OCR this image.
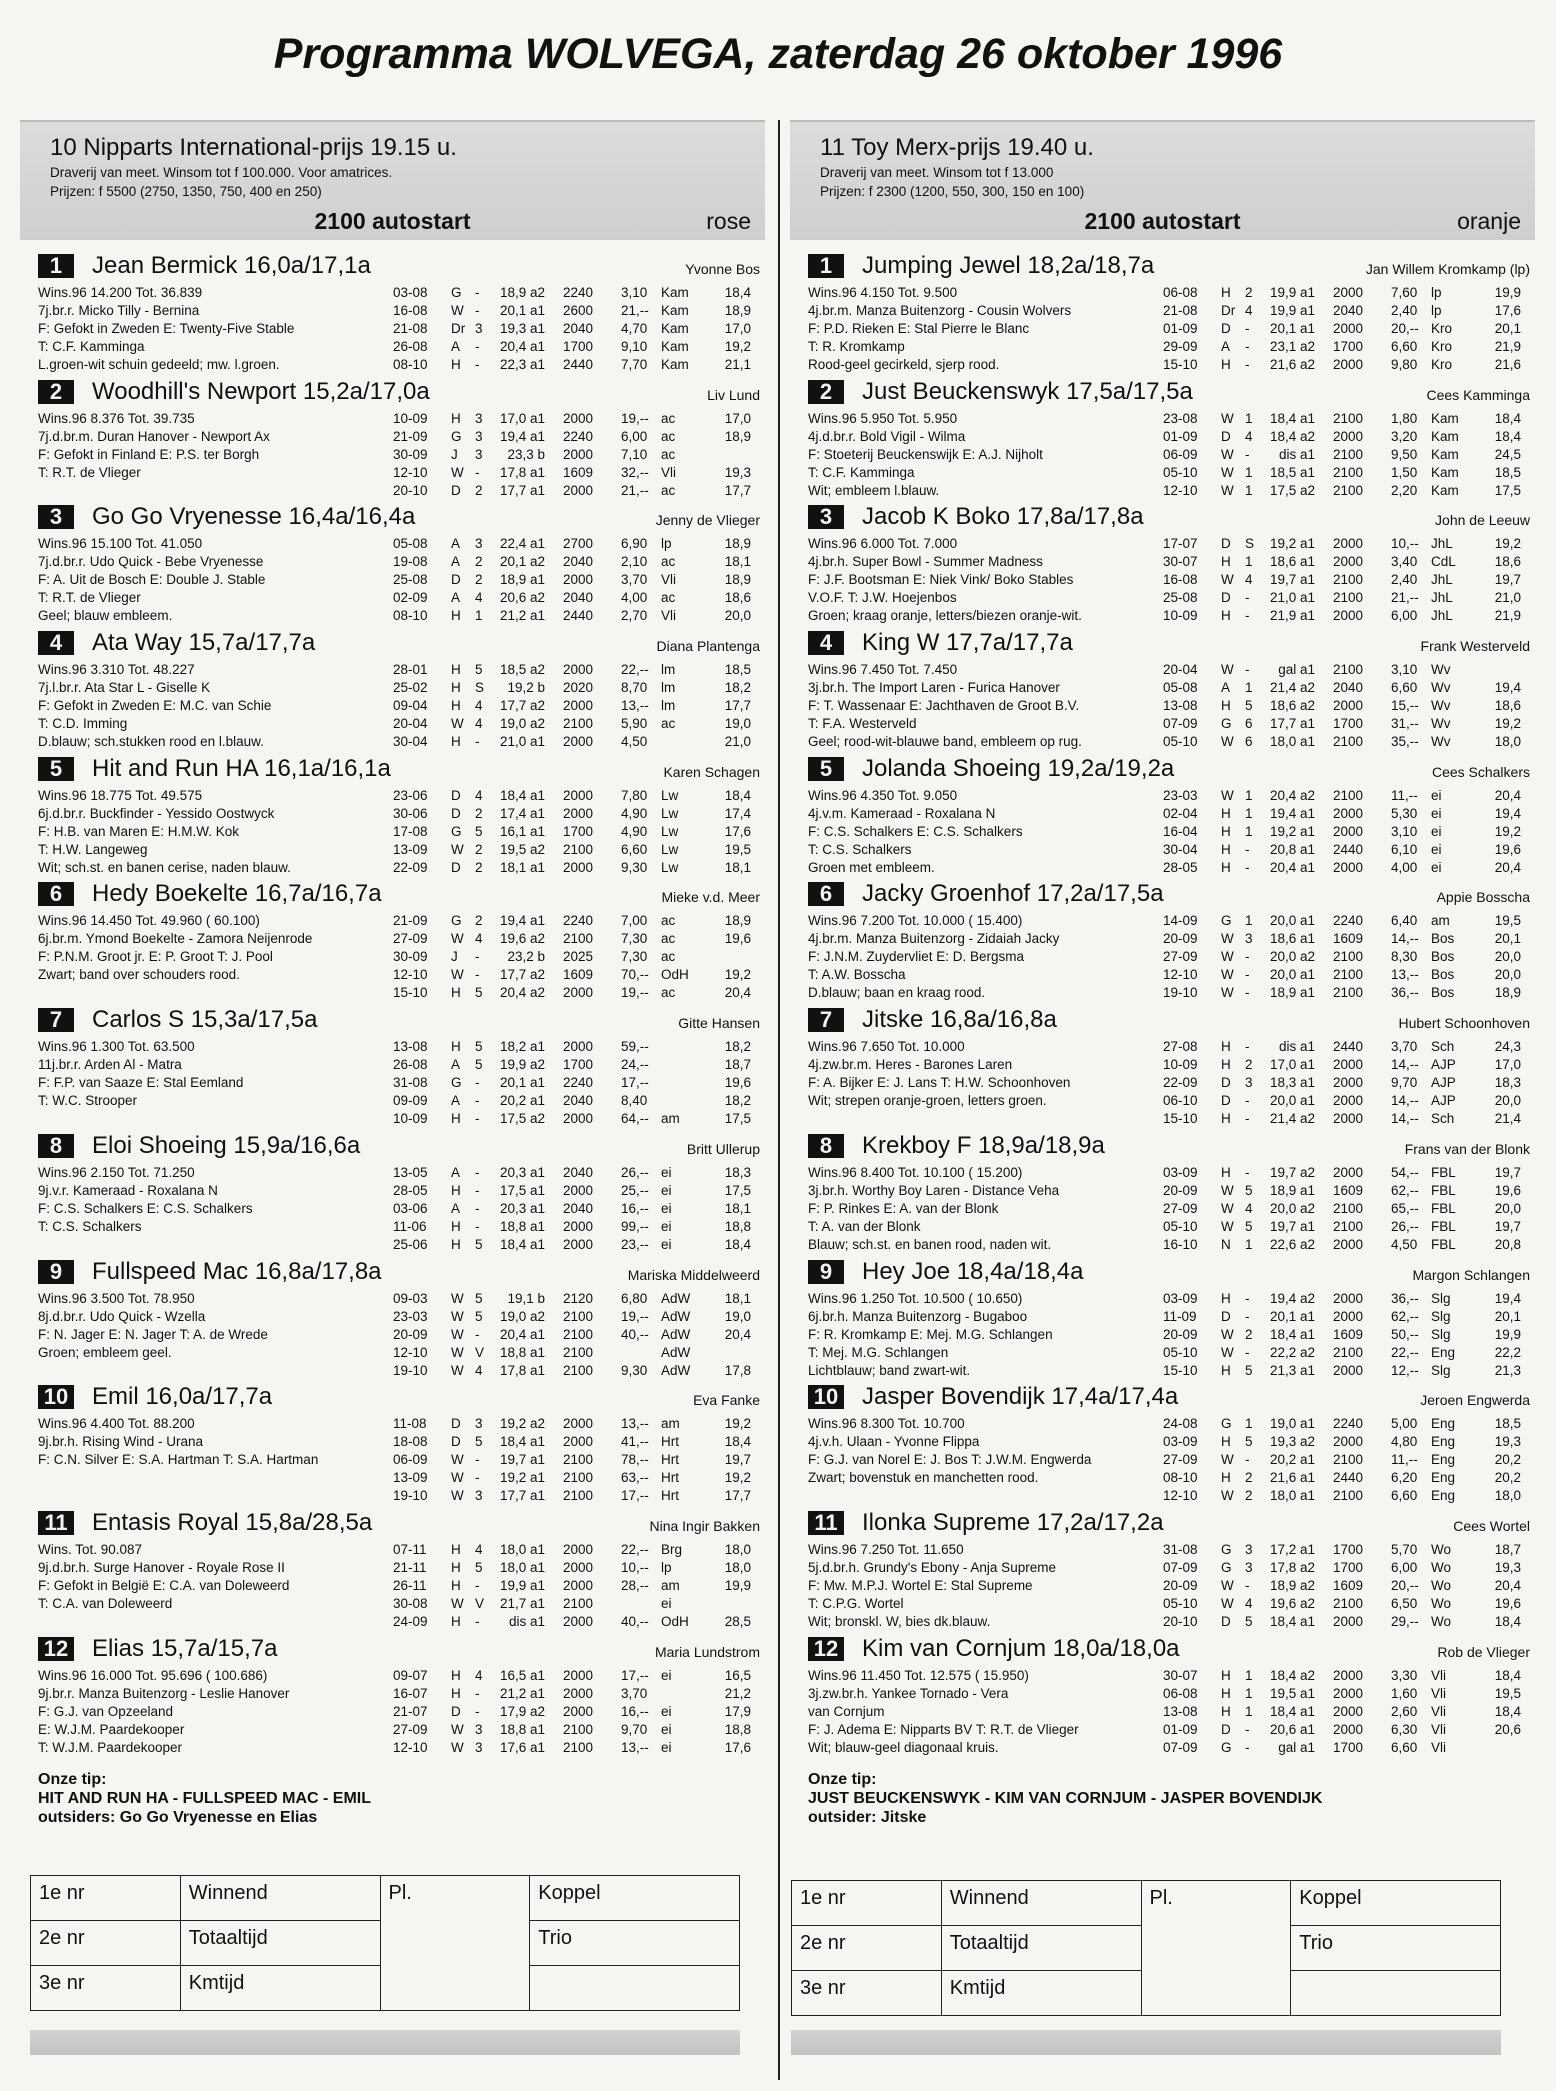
Programma WOLVEGA, zaterdag 26 oktober 1996
10 Nipparts International-prijs 19.15 u.
Draverij van meet. Winsom tot f 100.000. Voor amatrices.
Prijzen: f 5500 (2750, 1350, 750, 400 en 250)
2100 autostart	rose
1	Jean Bermick 16,0a/17,1a	Yvonne Bos
Wins.96 14.200 Tot. 36.839
7j.br.r. Micko Tilly - Bernina
F: Gefokt in Zweden E: Twenty-Five Stable
T: C.F. Kamminga
L.groen-wit schuin gedeeld; mw. l.groen.
03-08 G -	18,9 a2 2240 3,10 Kam	18,4
16-08 W -	20,1 a1 2600 21,-- Kam	18,9
21-08 Dr 3	19,3 a1 2040 4,70 Kam	17,0
26-08 A -	20,4 a1 1700 9,10 Kam	19,2
08-10 H -	22,3 a1 2440 7,70 Kam	21,1
2	Woodhill's Newport 15,2a/17,0a	Liv Lund
Wins.96 8.376 Tot. 39.735
7j.d.br.m. Duran Hanover - Newport Ax
F: Gefokt in Finland E: P.S. ter Borgh
T: R.T. de Vlieger
10-09 H 3	17,0 a1 2000 19,-- ac	17,0
21-09 G 3	19,4 a1 2240 6,00 ac	18,9
30-09 J 3	23,3 b 2000 7,10 ac
12-10 W -	17,8 a1 1609 32,-- Vli	19,3
20-10 D 2	17,7 a1 2000 21,-- ac	17,7
3	Go Go Vryenesse 16,4a/16,4a	Jenny de Vlieger
Wins.96 15.100 Tot. 41.050
7j.d.br.r. Udo Quick - Bebe Vryenesse
F: A. Uit de Bosch E: Double J. Stable
T: R.T. de Vlieger
Geel; blauw embleem.
05-08 A 3	22,4 a1 2700 6,90 lp	18,9
19-08 A 2	20,1 a2 2040 2,10 ac	18,1
25-08 D 2	18,9 a1 2000 3,70 Vli	18,9
02-09 A 4	20,6 a2 2040 4,00 ac	18,6
08-10 H 1	21,2 a1 2440 2,70 Vli	20,0
4	Ata Way 15,7a/17,7a	Diana Plantenga
Wins.96 3.310 Tot. 48.227
7j.l.br.r. Ata Star L - Giselle K
F: Gefokt in Zweden E: M.C. van Schie
T: C.D. Imming
D.blauw; sch.stukken rood en l.blauw.
28-01 H 5	18,5 a2 2000 22,-- lm	18,5
25-02 H S	19,2 b 2020 8,70 lm	18,2
09-04 H 4	17,7 a2 2000 13,-- lm	17,7
20-04 W 4	19,0 a2 2100 5,90 ac	19,0
30-04 H -	21,0 a1 2000 4,50	21,0
5	Hit and Run HA 16,1a/16,1a	Karen Schagen
Wins.96 18.775 Tot. 49.575
6j.d.br.r. Buckfinder - Yessido Oostwyck
F: H.B. van Maren E: H.M.W. Kok
T: H.W. Langeweg
Wit; sch.st. en banen cerise, naden blauw.
23-06 D 4	18,4 a1 2000 7,80 Lw	18,4
30-06 D 2	17,4 a1 2000 4,90 Lw	17,4
17-08 G 5	16,1 a1 1700 4,90 Lw	17,6
13-09 W 2	19,5 a2 2100 6,60 Lw	19,5
22-09 D 2	18,1 a1 2000 9,30 Lw	18,1
6	Hedy Boekelte 16,7a/16,7a	Mieke v.d. Meer
Wins.96 14.450 Tot. 49.960 ( 60.100)
6j.br.m. Ymond Boekelte - Zamora Neijenrode
F: P.N.M. Groot jr. E: P. Groot T: J. Pool
Zwart; band over schouders rood.
21-09 G 2	19,4 a1 2240 7,00 ac	18,9
27-09 W 4	19,6 a2 2100 7,30 ac	19,6
30-09 J -	23,2 b 2025 7,30 ac
12-10 W -	17,7 a2 1609 70,-- OdH	19,2
15-10 H 5	20,4 a2 2000 19,-- ac	20,4
7	Carlos S 15,3a/17,5a	Gitte Hansen
Wins.96 1.300 Tot. 63.500
11j.br.r. Arden Al - Matra
F: F.P. van Saaze E: Stal Eemland
T: W.C. Strooper
13-08 H 5	18,2 a1 2000 59,--	18,2
26-08 A 5	19,9 a2 1700 24,--	18,7
31-08 G -	20,1 a1 2240 17,--	19,6
09-09 A -	20,2 a1 2040 8,40	18,2
10-09 H -	17,5 a2 2000 64,-- am	17,5
8	Eloi Shoeing 15,9a/16,6a	Britt Ullerup
Wins.96 2.150 Tot. 71.250
9j.v.r. Kameraad - Roxalana N
F: C.S. Schalkers E: C.S. Schalkers
T: C.S. Schalkers
13-05 A -	20,3 a1 2040 26,-- ei	18,3
28-05 H -	17,5 a1 2000 25,-- ei	17,5
03-06 A -	20,3 a1 2040 16,-- ei	18,1
11-06 H -	18,8 a1 2000 99,-- ei	18,8
25-06 H 5	18,4 a1 2000 23,-- ei	18,4
9	Fullspeed Mac 16,8a/17,8a	Mariska Middelweerd
Wins.96 3.500 Tot. 78.950
8j.d.br.r. Udo Quick - Wzella
F: N. Jager E: N. Jager T: A. de Wrede
Groen; embleem geel.
09-03 W 5	19,1 b 2120 6,80 AdW	18,1
23-03 W 5	19,0 a2 2100 19,-- AdW	19,0
20-09 W -	20,4 a1 2100 40,-- AdW	20,4
12-10 W V	18,8 a1 2100	AdW
19-10 W 4	17,8 a1 2100 9,30 AdW	17,8
10 Emil 16,0a/17,7a	Eva Fanke
Wins.96 4.400 Tot. 88.200
9j.br.h. Rising Wind - Urana
F: C.N. Silver E: S.A. Hartman T: S.A. Hartman
11-08 D 3	19,2 a2 2000 13,-- am	19,2
18-08 D 5	18,4 a1 2000 41,-- Hrt	18,4
06-09 W -	19,7 a1 2100 78,-- Hrt	19,7
13-09 W -	19,2 a1 2100 63,-- Hrt	19,2
19-10 W 3	17,7 a1 2100 17,-- Hrt	17,7
11 Entasis Royal 15,8a/28,5a	Nina Ingir Bakken
Wins. Tot. 90.087
9j.d.br.h. Surge Hanover - Royale Rose II
F: Gefokt in België E: C.A. van Doleweerd
T: C.A. van Doleweerd
07-11 H 4	18,0 a1 2000 22,-- Brg	18,0
21-11 H 5	18,0 a1 2000 10,-- lp	18,0
26-11 H -	19,9 a1 2000 28,-- am	19,9
30-08 W V	21,7 a1 2100	ei
24-09 H -	dis a1 2000 40,-- OdH	28,5
12 Elias 15,7a/15,7a	Maria Lundstrom
Wins.96 16.000 Tot. 95.696 ( 100.686)
9j.br.r. Manza Buitenzorg - Leslie Hanover
F: G.J. van Opzeeland
E: W.J.M. Paardekooper
T: W.J.M. Paardekooper
09-07 H 4	16,5 a1 2000 17,-- ei	16,5
16-07 H -	21,2 a1 2000 3,70	21,2
21-07 D -	17,9 a2 2000 16,-- ei	17,9
27-09 W 3	18,8 a1 2100 9,70 ei	18,8
12-10 W 3	17,6 a1 2100 13,-- ei	17,6
Onze tip:
HIT AND RUN HA - FULLSPEED MAC - EMIL
outsiders: Go Go Vryenesse en Elias
11 Toy Merx-prijs 19.40 u.
Draverij van meet. Winsom tot f 13.000
Prijzen: f 2300 (1200, 550, 300, 150 en 100)
2100 autostart	oranje
1	Jumping Jewel 18,2a/18,7a	Jan Willem Kromkamp (lp)
Wins.96 4.150 Tot. 9.500
4j.br.m. Manza Buitenzorg - Cousin Wolvers
F: P.D. Rieken E: Stal Pierre le Blanc
T: R. Kromkamp
Rood-geel gecirkeld, sjerp rood.
06-08 H 2	19,9 a1 2000 7,60 lp	19,9
21-08 Dr 4	19,9 a1 2040 2,40 lp	17,6
01-09 D -	20,1 a1 2000 20,-- Kro	20,1
29-09 A -	23,1 a2 1700 6,60 Kro	21,9
15-10 H -	21,6 a2 2000 9,80 Kro	21,6
2	Just Beuckenswyk 17,5a/17,5a	Cees Kamminga
Wins.96 5.950 Tot. 5.950
4j.d.br.r. Bold Vigil - Wilma
F: Stoeterij Beuckenswijk E: A.J. Nijholt
T: C.F. Kamminga
Wit; embleem l.blauw.
23-08 W 1	18,4 a1 2100 1,80 Kam	18,4
01-09 D 4	18,4 a2 2000 3,20 Kam	18,4
06-09 W -	dis a1 2100 9,50 Kam	24,5
05-10 W 1	18,5 a1 2100 1,50 Kam	18,5
12-10 W 1	17,5 a2 2100 2,20 Kam	17,5
3	Jacob K Boko 17,8a/17,8a	John de Leeuw
Wins.96 6.000 Tot. 7.000
4j.br.h. Super Bowl - Summer Madness
F: J.F. Bootsman E: Niek Vink/ Boko Stables
V.O.F. T: J.W. Hoejenbos
Groen; kraag oranje, letters/biezen oranje-wit.
17-07 D S	19,2 a1 2000 10,-- JhL	19,2
30-07 H 1	18,6 a1 2000 3,40 CdL	18,6
16-08 W 4	19,7 a1 2100 2,40 JhL	19,7
25-08 D -	21,0 a1 2100 21,-- JhL	21,0
10-09 H -	21,9 a1 2000 6,00 JhL	21,9
4	King W 17,7a/17,7a	Frank Westerveld
Wins.96 7.450 Tot. 7.450
3j.br.h. The Import Laren - Furica Hanover
F: T. Wassenaar E: Jachthaven de Groot B.V.
T: F.A. Westerveld
Geel; rood-wit-blauwe band, embleem op rug.
20-04 W -	gal a1 2100 3,10 Wv
05-08 A 1	21,4 a2 2040 6,60 Wv	19,4
13-08 H 5	18,6 a2 2000 15,-- Wv	18,6
07-09 G 6	17,7 a1 1700 31,-- Wv	19,2
05-10 W 6	18,0 a1 2100 35,-- Wv	18,0
5	Jolanda Shoeing 19,2a/19,2a	Cees Schalkers
Wins.96 4.350 Tot. 9.050
4j.v.m. Kameraad - Roxalana N
F: C.S. Schalkers E: C.S. Schalkers
T: C.S. Schalkers
Groen met embleem.
23-03 W 1	20,4 a2 2100 11,-- ei	20,4
02-04 H 1	19,4 a1 2000 5,30 ei	19,4
16-04 H 1	19,2 a1 2000 3,10 ei	19,2
30-04 H -	20,8 a1 2440 6,10 ei	19,6
28-05 H -	20,4 a1 2000 4,00 ei	20,4
6	Jacky Groenhof 17,2a/17,5a	Appie Bosscha
Wins.96 7.200 Tot. 10.000 ( 15.400)
4j.br.m. Manza Buitenzorg - Zidaiah Jacky
F: J.N.M. Zuydervliet E: D. Bergsma
T: A.W. Bosscha
D.blauw; baan en kraag rood.
14-09 G 1	20,0 a1 2240 6,40 am	19,5
20-09 W 3	18,6 a1 1609 14,-- Bos	20,1
27-09 W -	20,0 a2 2100 8,30 Bos	20,0
12-10 W -	20,0 a1 2100 13,-- Bos	20,0
19-10 W -	18,9 a1 2100 36,-- Bos	18,9
7	Jitske 16,8a/16,8a	Hubert Schoonhoven
Wins.96 7.650 Tot. 10.000
4j.zw.br.m. Heres - Barones Laren
F: A. Bijker E: J. Lans T: H.W. Schoonhoven
Wit; strepen oranje-groen, letters groen.
27-08 H -	dis a1 2440 3,70 Sch	24,3
10-09 H 2	17,0 a1 2000 14,-- AJP	17,0
22-09 D 3	18,3 a1 2000 9,70 AJP	18,3
06-10 D -	20,0 a1 2000 14,-- AJP	20,0
15-10 H -	21,4 a2 2000 14,-- Sch	21,4
8	Krekboy F 18,9a/18,9a	Frans van der Blonk
Wins.96 8.400 Tot. 10.100 ( 15.200)
3j.br.h. Worthy Boy Laren - Distance Veha
F: P. Rinkes E: A. van der Blonk
T: A. van der Blonk
Blauw; sch.st. en banen rood, naden wit.
03-09 H -	19,7 a2 2000 54,-- FBL	19,7
20-09 W 5	18,9 a1 1609 62,-- FBL	19,6
27-09 W 4	20,0 a2 2100 65,-- FBL	20,0
05-10 W 5	19,7 a1 2100 26,-- FBL	19,7
16-10 N 1	22,6 a2 2000 4,50 FBL	20,8
9	Hey Joe 18,4a/18,4a	Margon Schlangen
Wins.96 1.250 Tot. 10.500 ( 10.650)
6j.br.h. Manza Buitenzorg - Bugaboo
F: R. Kromkamp E: Mej. M.G. Schlangen
T: Mej. M.G. Schlangen
Lichtblauw; band zwart-wit.
03-09 H -	19,4 a2 2000 36,-- Slg	19,4
11-09 D -	20,1 a1 2000 62,-- Slg	20,1
20-09 W 2	18,4 a1 1609 50,-- Slg	19,9
05-10 W -	22,2 a2 2100 22,-- Eng	22,2
15-10 H 5	21,3 a1 2000 12,-- Slg	21,3
10 Jasper Bovendijk 17,4a/17,4a	Jeroen Engwerda
Wins.96 8.300 Tot. 10.700
4j.v.h. Ulaan - Yvonne Flippa
F: G.J. van Norel E: J. Bos T: J.W.M. Engwerda
Zwart; bovenstuk en manchetten rood.
24-08 G 1	19,0 a1 2240 5,00 Eng	18,5
03-09 H 5	19,3 a2 2000 4,80 Eng	19,3
27-09 W -	20,2 a1 2100 11,-- Eng	20,2
08-10 H 2	21,6 a1 2440 6,20 Eng	20,2
12-10 W 2	18,0 a1 2100 6,60 Eng	18,0
11 Ilonka Supreme 17,2a/17,2a	Cees Wortel
Wins.96 7.250 Tot. 11.650
5j.d.br.h. Grundy's Ebony - Anja Supreme
F: Mw. M.P.J. Wortel E: Stal Supreme
T: C.P.G. Wortel
Wit; bronskl. W, bies dk.blauw.
31-08 G 3	17,2 a1 1700 5,70 Wo	18,7
07-09 G 3	17,8 a2 1700 6,00 Wo	19,3
20-09 W -	18,9 a2 1609 20,-- Wo	20,4
05-10 W 4	19,6 a2 2100 6,50 Wo	19,6
20-10 D 5	18,4 a1 2000 29,-- Wo	18,4
12 Kim van Cornjum 18,0a/18,0a	Rob de Vlieger
Wins.96 11.450 Tot. 12.575 ( 15.950)
3j.zw.br.h. Yankee Tornado - Vera
van Cornjum
F: J. Adema E: Nipparts BV T: R.T. de Vlieger
Wit; blauw-geel diagonaal kruis.
30-07 H 1	18,4 a2 2000 3,30 Vli	18,4
06-08 H 1	19,5 a1 2000 1,60 Vli	19,5
13-08 H 1	18,4 a1 2000 2,60 Vli	18,4
01-09 D -	20,6 a1 2000 6,30 Vli	20,6
07-09 G -	gal a1 1700 6,60 Vli
Onze tip:
JUST BEUCKENSWYK - KIM VAN CORNJUM - JASPER BOVENDIJK
outsider: Jitske
1e nr	Winnend	Pl.	Koppel
2e nr	Totaaltijd		Trio
3e nr	Kmtijd		
1e nr	Winnend	Pl.	Koppel
2e nr	Totaaltijd		Trio
3e nr	Kmtijd		
